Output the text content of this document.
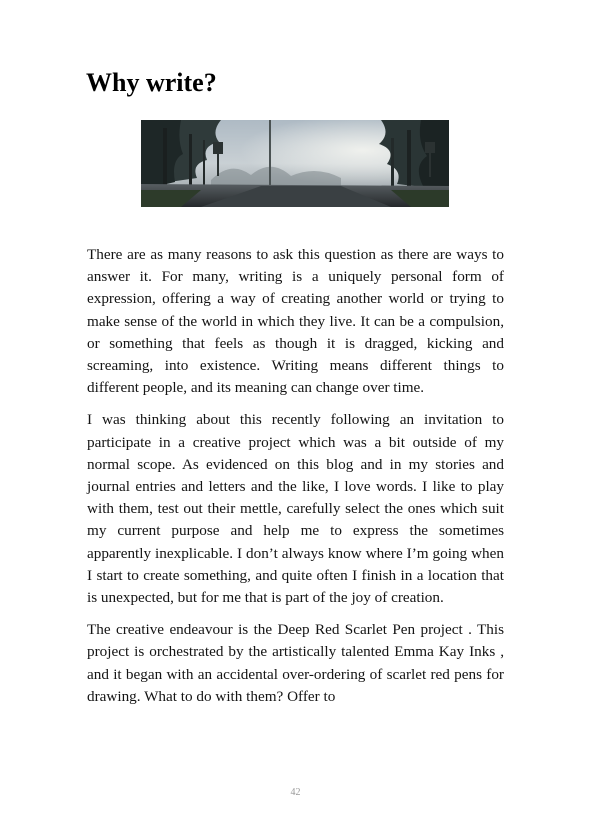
Why write?

There are as many reasons to ask this question as there are ways to answer it. For many, writing is a uniquely personal form of expression, offering a way of creating another world or trying to make sense of the world in which they live. It can be a compulsion, or something that feels as though it is dragged, kicking and screaming, into existence. Writing means different things to different people, and its meaning can change over time.

I was thinking about this recently following an invitation to participate in a creative project which was a bit outside of my normal scope. As evidenced on this blog and in my stories and journal entries and letters and the like, I love words. I like to play with them, test out their mettle, carefully select the ones which suit my current purpose and help me to express the sometimes apparently inexplicable. I don’t always know where I’m going when I start to create something, and quite often I finish in a location that is unexpected, but for me that is part of the joy of creation.

The creative endeavour is the Deep Red Scarlet Pen project . This project is orchestrated by the artistically talented Emma Kay Inks , and it began with an accidental over-ordering of scarlet red pens for drawing. What to do with them? Offer to

42
